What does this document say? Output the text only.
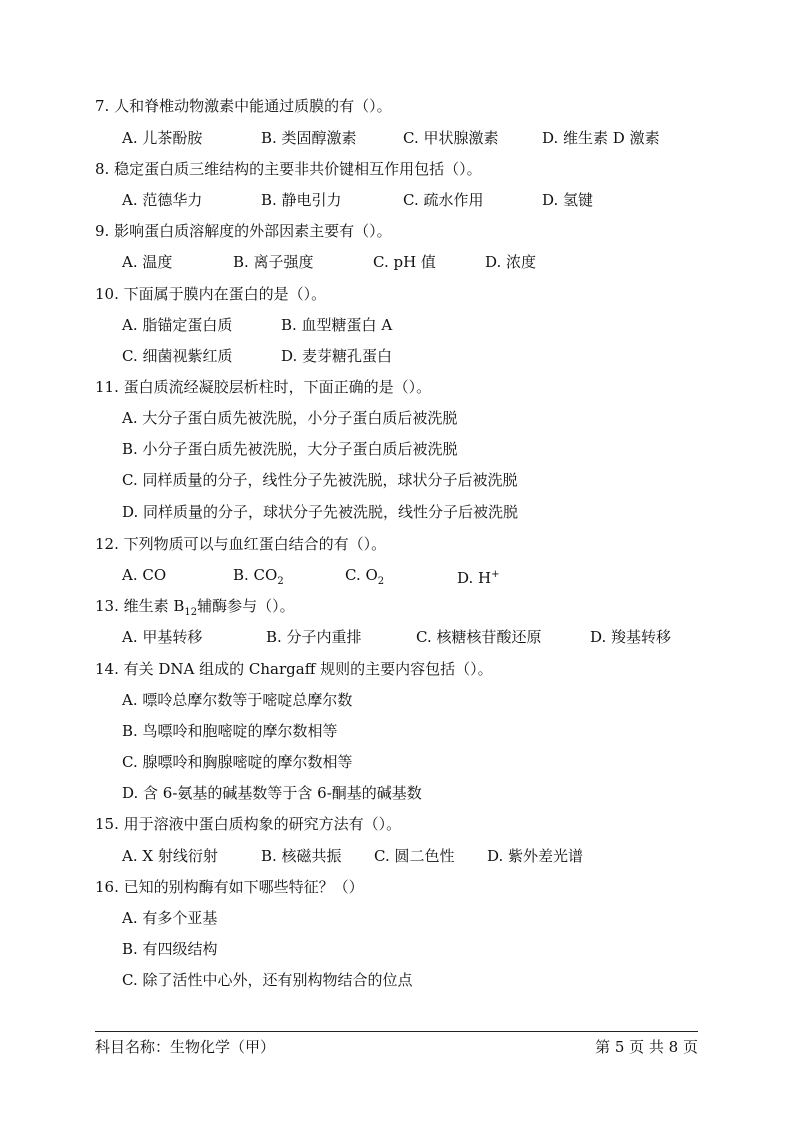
7. 人和脊椎动物激素中能通过质膜的有（）。
A. 儿茶酚胺	B. 类固醇激素	C. 甲状腺激素	D. 维生素 D 激素
8. 稳定蛋白质三维结构的主要非共价键相互作用包括（）。
A. 范德华力	B. 静电引力	C. 疏水作用	D. 氢键
9. 影响蛋白质溶解度的外部因素主要有（）。
A. 温度	B. 离子强度	C. pH 值	D. 浓度
10. 下面属于膜内在蛋白的是（）。
A. 脂锚定蛋白质	B. 血型糖蛋白 A
C. 细菌视紫红质	D. 麦芽糖孔蛋白
11. 蛋白质流经凝胶层析柱时，下面正确的是（）。
A. 大分子蛋白质先被洗脱，小分子蛋白质后被洗脱
B. 小分子蛋白质先被洗脱，大分子蛋白质后被洗脱
C. 同样质量的分子，线性分子先被洗脱，球状分子后被洗脱
D. 同样质量的分子，球状分子先被洗脱，线性分子后被洗脱
12. 下列物质可以与血红蛋白结合的有（）。
A. CO	B. $CO_2$	C. $O_2$	D. H+
13. 维生素 $B_{12}$辅酶参与（）。
A. 甲基转移	B. 分子内重排	C. 核糖核苷酸还原	D. 羧基转移
14. 有关 DNA 组成的 Chargaff 规则的主要内容包括（）。
A. 嘌呤总摩尔数等于嘧啶总摩尔数
B. 鸟嘌呤和胞嘧啶的摩尔数相等
C. 腺嘌呤和胸腺嘧啶的摩尔数相等
D. 含 6-氨基的碱基数等于含 6-酮基的碱基数
15. 用于溶液中蛋白质构象的研究方法有（）。
A. X 射线衍射	B. 核磁共振 C. 圆二色性 D. 紫外差光谱
16. 已知的别构酶有如下哪些特征？（）
A. 有多个亚基
B. 有四级结构
C. 除了活性中心外，还有别构物结合的位点
科目名称：生物化学（甲）	第 5 页 共 8 页
